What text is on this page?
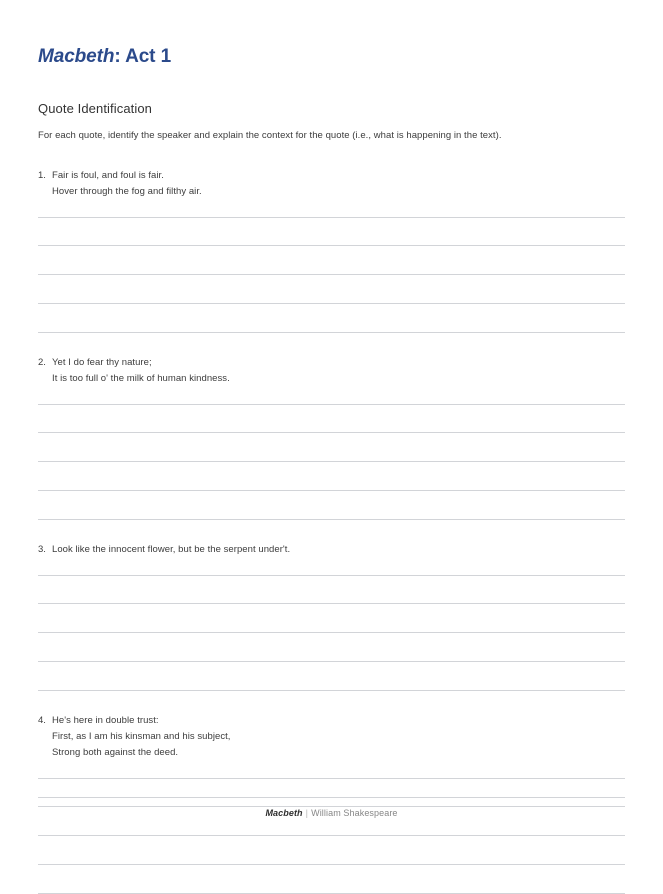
Macbeth: Act 1
Quote Identification

For each quote, identify the speaker and explain the context for the quote (i.e., what is happening in the text).

1. Fair is foul, and foul is fair.
Hover through the fog and filthy air.
2. Yet I do fear thy nature;
It is too full o' the milk of human kindness.
3. Look like the innocent flower, but be the serpent under't.
4. He's here in double trust:
First, as I am his kinsman and his subject,
Strong both against the deed.
Macbeth | William Shakespeare
